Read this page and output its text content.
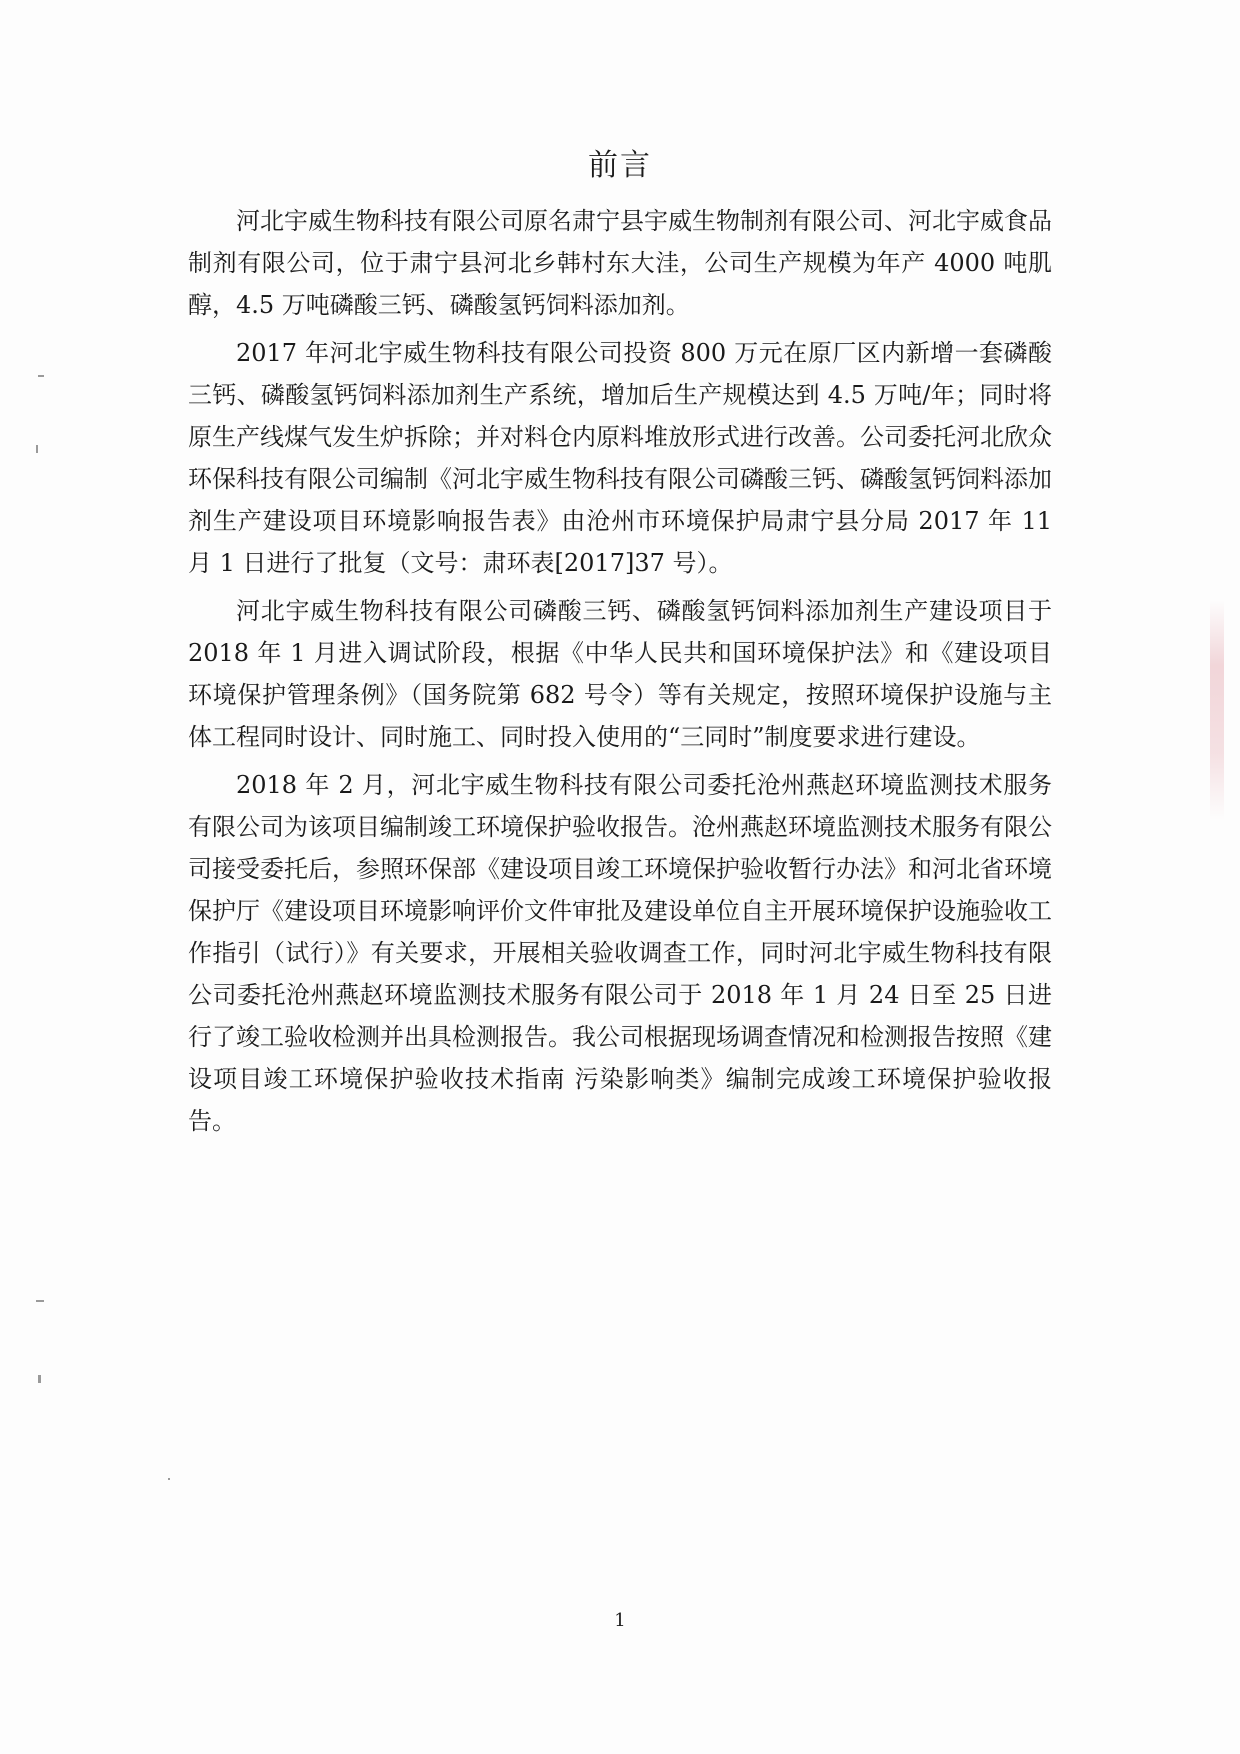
前言

河北宇威生物科技有限公司原名肃宁县宇威生物制剂有限公司、河北宇威食品制剂有限公司，位于肃宁县河北乡韩村东大洼，公司生产规模为年产 4000 吨肌醇，4.5 万吨磷酸三钙、磷酸氢钙饲料添加剂。

2017 年河北宇威生物科技有限公司投资 800 万元在原厂区内新增一套磷酸三钙、磷酸氢钙饲料添加剂生产系统，增加后生产规模达到 4.5 万吨/年；同时将原生产线煤气发生炉拆除；并对料仓内原料堆放形式进行改善。公司委托河北欣众环保科技有限公司编制《河北宇威生物科技有限公司磷酸三钙、磷酸氢钙饲料添加剂生产建设项目环境影响报告表》由沧州市环境保护局肃宁县分局 2017 年 11 月 1 日进行了批复（文号：肃环表[2017]37 号）。

河北宇威生物科技有限公司磷酸三钙、磷酸氢钙饲料添加剂生产建设项目于 2018 年 1 月进入调试阶段，根据《中华人民共和国环境保护法》和《建设项目环境保护管理条例》（国务院第 682 号令）等有关规定，按照环境保护设施与主体工程同时设计、同时施工、同时投入使用的“三同时”制度要求进行建设。

2018 年 2 月，河北宇威生物科技有限公司委托沧州燕赵环境监测技术服务有限公司为该项目编制竣工环境保护验收报告。沧州燕赵环境监测技术服务有限公司接受委托后，参照环保部《建设项目竣工环境保护验收暂行办法》和河北省环境保护厅《建设项目环境影响评价文件审批及建设单位自主开展环境保护设施验收工作指引（试行）》有关要求，开展相关验收调查工作，同时河北宇威生物科技有限公司委托沧州燕赵环境监测技术服务有限公司于 2018 年 1 月 24 日至 25 日进行了竣工验收检测并出具检测报告。我公司根据现场调查情况和检测报告按照《建设项目竣工环境保护验收技术指南 污染影响类》编制完成竣工环境保护验收报告。

1
